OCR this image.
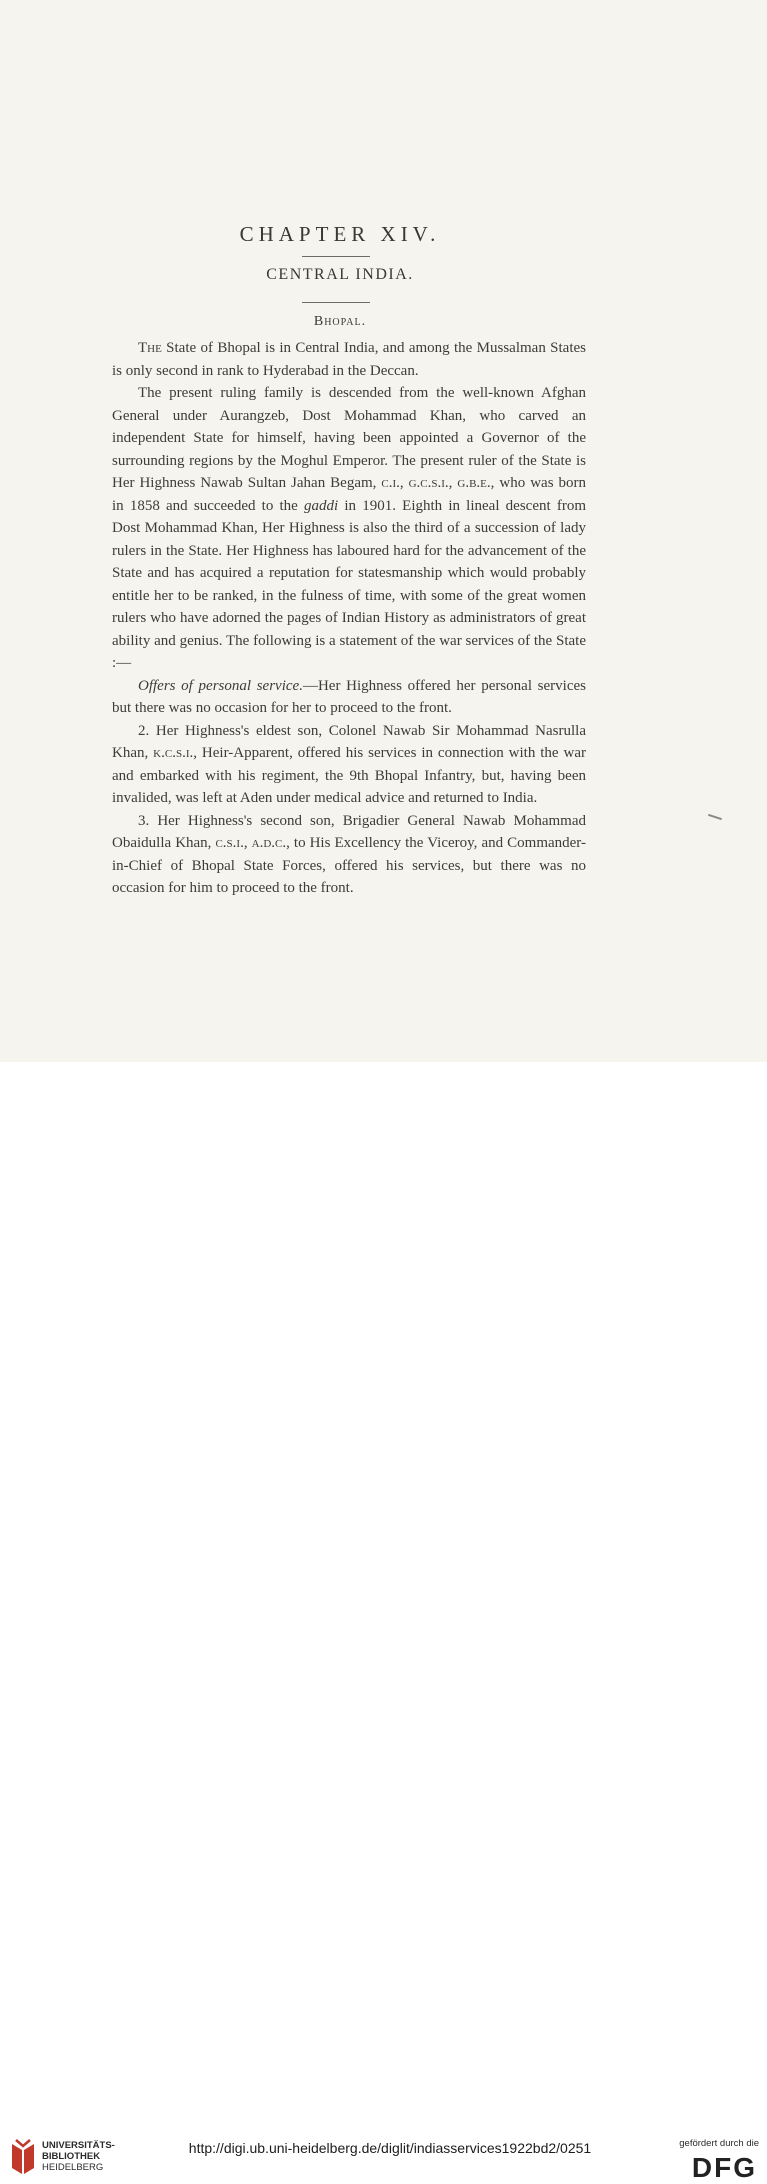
CHAPTER XIV.
CENTRAL INDIA.
Bhopal.

The State of Bhopal is in Central India, and among the Mussalman States is only second in rank to Hyderabad in the Deccan.

The present ruling family is descended from the well-known Afghan General under Aurangzeb, Dost Mohammad Khan, who carved an independent State for himself, having been appointed a Governor of the surrounding regions by the Moghul Emperor. The present ruler of the State is Her Highness Nawab Sultan Jahan Begam, c.i., g.c.s.i., g.b.e., who was born in 1858 and succeeded to the gaddi in 1901. Eighth in lineal descent from Dost Mohammad Khan, Her Highness is also the third of a succession of lady rulers in the State. Her Highness has laboured hard for the advancement of the State and has acquired a reputation for statesmanship which would probably entitle her to be ranked, in the fulness of time, with some of the great women rulers who have adorned the pages of Indian History as administrators of great ability and genius. The following is a statement of the war services of the State :—

Offers of personal service.—Her Highness offered her personal services but there was no occasion for her to proceed to the front.

2. Her Highness's eldest son, Colonel Nawab Sir Mohammad Nasrulla Khan, k.c.s.i., Heir-Apparent, offered his services in connection with the war and embarked with his regiment, the 9th Bhopal Infantry, but, having been invalided, was left at Aden under medical advice and returned to India.

3. Her Highness's second son, Brigadier General Nawab Mohammad Obaidulla Khan, c.s.i., a.d.c., to His Excellency the Viceroy, and Commander-in-Chief of Bhopal State Forces, offered his services, but there was no occasion for him to proceed to the front.

UNIVERSITÄTS-
BIBLIOTHEK
HEIDELBERG
http://digi.ub.uni-heidelberg.de/diglit/indiasservices1922bd2/0251	gefördert durch die
DFG
